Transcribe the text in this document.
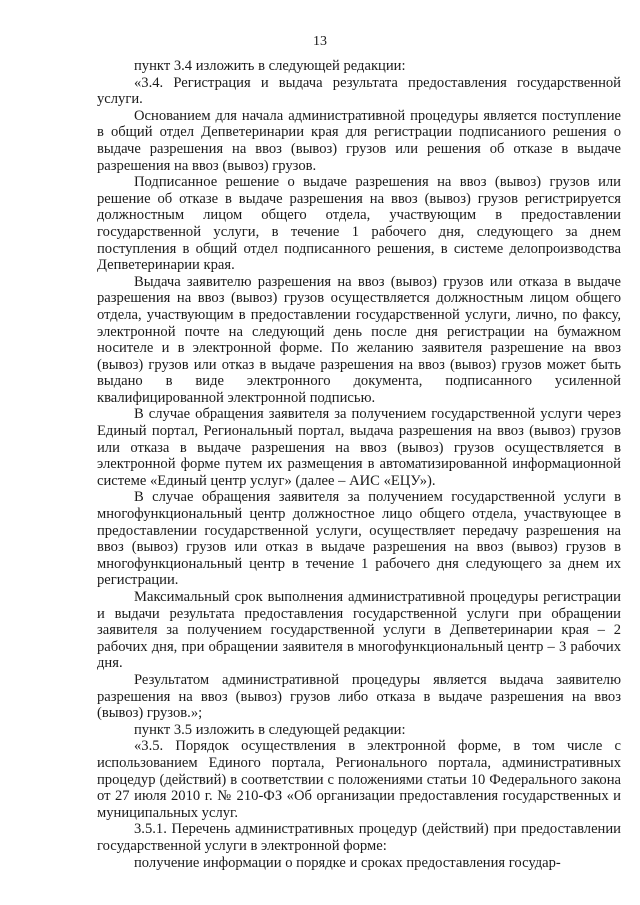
13

пункт 3.4 изложить в следующей редакции:

«3.4. Регистрация и выдача результата предоставления государственной услуги.

Основанием для начала административной процедуры является поступление в общий отдел Депветеринарии края для регистрации подписаниого решения о выдаче разрешения на ввоз (вывоз) грузов или решения об отказе в выдаче разрешения на ввоз (вывоз) грузов.

Подписанное решение о выдаче разрешения на ввоз (вывоз) грузов или решение об отказе в выдаче разрешения на ввоз (вывоз) грузов регистрируется должностным лицом общего отдела, участвующим в предоставлении государственной услуги, в течение 1 рабочего дня, следующего за днем поступления в общий отдел подписанного решения, в системе делопроизводства Депветеринарии края.

Выдача заявителю разрешения на ввоз (вывоз) грузов или отказа в выдаче разрешения на ввоз (вывоз) грузов осуществляется должностным лицом общего отдела, участвующим в предоставлении государственной услуги, лично, по факсу, электронной почте на следующий день после дня регистрации на бумажном носителе и в электронной форме. По желанию заявителя разрешение на ввоз (вывоз) грузов или отказ в выдаче разрешения на ввоз (вывоз) грузов может быть выдано в виде электронного документа, подписанного усиленной квалифицированной электронной подписью.

В случае обращения заявителя за получением государственной услуги через Единый портал, Региональный портал, выдача разрешения на ввоз (вывоз) грузов или отказа в выдаче разрешения на ввоз (вывоз) грузов осуществляется в электронной форме путем их размещения в автоматизированной информационной системе «Единый центр услуг» (далее – АИС «ЕЦУ»).

В случае обращения заявителя за получением государственной услуги в многофункциональный центр должностное лицо общего отдела, участвующее в предоставлении государственной услуги, осуществляет передачу разрешения на ввоз (вывоз) грузов или отказ в выдаче разрешения на ввоз (вывоз) грузов в многофункциональный центр в течение 1 рабочего дня следующего за днем их регистрации.

Максимальный срок выполнения административной процедуры регистрации и выдачи результата предоставления государственной услуги при обращении заявителя за получением государственной услуги в Депветеринарии края – 2 рабочих дня, при обращении заявителя в многофункциональный центр – 3 рабочих дня.

Результатом административной процедуры является выдача заявителю разрешения на ввоз (вывоз) грузов либо отказа в выдаче разрешения на ввоз (вывоз) грузов.»;

пункт 3.5 изложить в следующей редакции:

«3.5. Порядок осуществления в электронной форме, в том числе с использованием Единого портала, Регионального портала, административных процедур (действий) в соответствии с положениями статьи 10 Федерального закона от 27 июля 2010 г. № 210-ФЗ «Об организации предоставления государственных и муниципальных услуг.

3.5.1. Перечень административных процедур (действий) при предоставлении государственной услуги в электронной форме:

получение информации о порядке и сроках предоставления государ-
